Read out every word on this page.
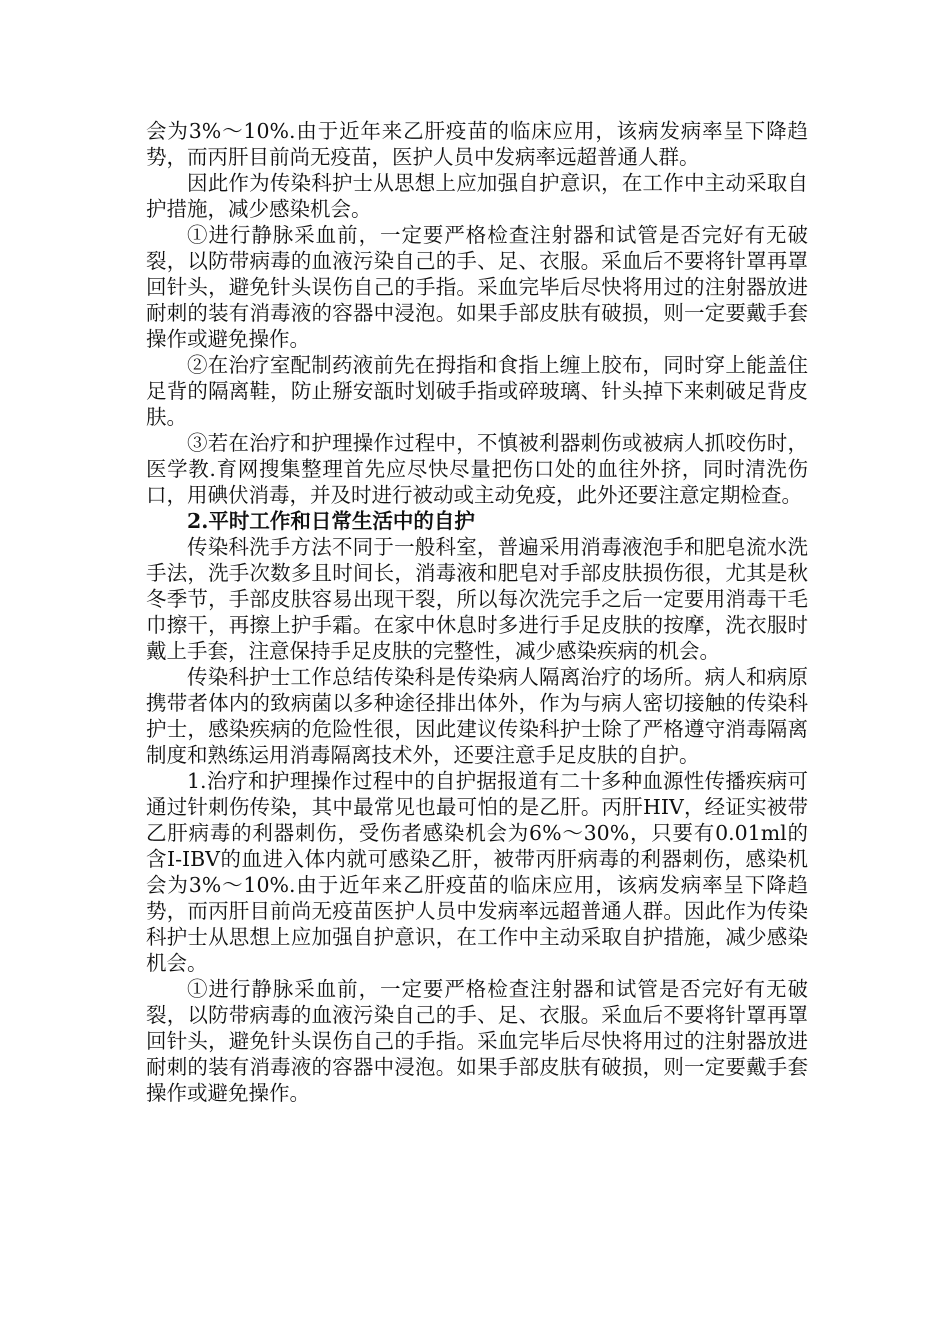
会为3%～10%.由于近年来乙肝疫苗的临床应用，该病发病率呈下降趋势，而丙肝目前尚无疫苗，医护人员中发病率远超普通人群。

因此作为传染科护士从思想上应加强自护意识，在工作中主动采取自护措施，减少感染机会。

①进行静脉采血前，一定要严格检查注射器和试管是否完好有无破裂，以防带病毒的血液污染自己的手、足、衣服。采血后不要将针罩再罩回针头，避免针头误伤自己的手指。采血完毕后尽快将用过的注射器放进耐刺的装有消毒液的容器中浸泡。如果手部皮肤有破损，则一定要戴手套操作或避免操作。

②在治疗室配制药液前先在拇指和食指上缠上胶布，同时穿上能盖住足背的隔离鞋，防止掰安瓿时划破手指或碎玻璃、针头掉下来刺破足背皮肤。

③若在治疗和护理操作过程中，不慎被利器刺伤或被病人抓咬伤时，医学教.育网搜集整理首先应尽快尽量把伤口处的血往外挤，同时清洗伤口，用碘伏消毒，并及时进行被动或主动免疫，此外还要注意定期检查。

2.平时工作和日常生活中的自护

传染科洗手方法不同于一般科室，普遍采用消毒液泡手和肥皂流水洗手法，洗手次数多且时间长，消毒液和肥皂对手部皮肤损伤很，尤其是秋冬季节，手部皮肤容易出现干裂，所以每次洗完手之后一定要用消毒干毛巾擦干，再擦上护手霜。在家中休息时多进行手足皮肤的按摩，洗衣服时戴上手套，注意保持手足皮肤的完整性，减少感染疾病的机会。

传染科护士工作总结传染科是传染病人隔离治疗的场所。病人和病原携带者体内的致病菌以多种途径排出体外，作为与病人密切接触的传染科护士，感染疾病的危险性很，因此建议传染科护士除了严格遵守消毒隔离制度和熟练运用消毒隔离技术外，还要注意手足皮肤的自护。

1.治疗和护理操作过程中的自护据报道有二十多种血源性传播疾病可通过针刺伤传染，其中最常见也最可怕的是乙肝。丙肝HIV，经证实被带乙肝病毒的利器刺伤，受伤者感染机会为6%～30%，只要有0.01ml的含I-IBV的血进入体内就可感染乙肝，被带丙肝病毒的利器刺伤，感染机会为3%～10%.由于近年来乙肝疫苗的临床应用，该病发病率呈下降趋势，而丙肝目前尚无疫苗医护人员中发病率远超普通人群。因此作为传染科护士从思想上应加强自护意识，在工作中主动采取自护措施，减少感染机会。

①进行静脉采血前，一定要严格检查注射器和试管是否完好有无破裂，以防带病毒的血液污染自己的手、足、衣服。采血后不要将针罩再罩回针头，避免针头误伤自己的手指。采血完毕后尽快将用过的注射器放进耐刺的装有消毒液的容器中浸泡。如果手部皮肤有破损，则一定要戴手套操作或避免操作。
